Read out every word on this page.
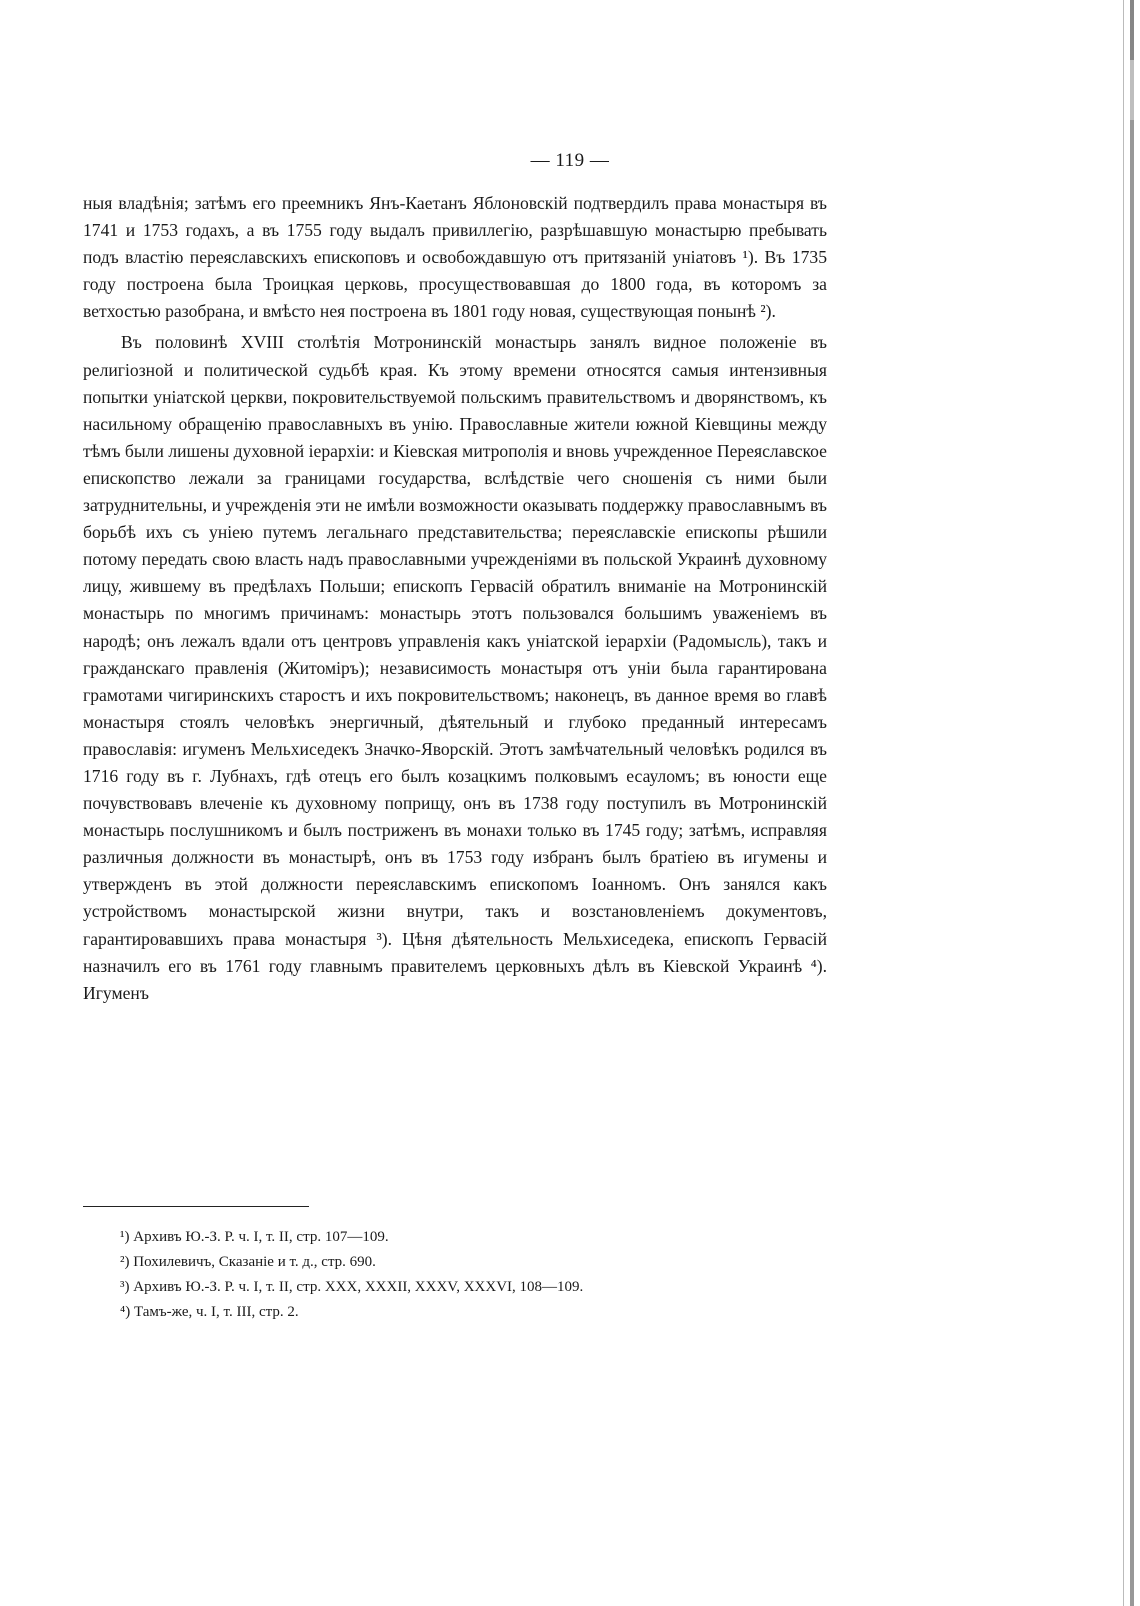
— 119 —

ныя владѣнія; затѣмъ его преемникъ Янъ-Каетанъ Яблоновскій подтвердилъ права монастыря въ 1741 и 1753 годахъ, а въ 1755 году выдалъ привиллегію, разрѣшавшую монастырю пребывать подъ властію переяславскихъ епископовъ и освобождавшую отъ притязаній уніатовъ ¹). Въ 1735 году построена была Троицкая церковь, просуществовавшая до 1800 года, въ которомъ за ветхостью разобрана, и вмѣсто нея построена въ 1801 году новая, существующая понынѣ ²).

Въ половинѣ XVIII столѣтія Мотронинскій монастырь занялъ видное положеніе въ религіозной и политической судьбѣ края. Къ этому времени относятся самыя интензивныя попытки уніатской церкви, покровительствуемой польскимъ правительствомъ и дворянствомъ, къ насильному обращенію православныхъ въ унію. Православные жители южной Кіевщины между тѣмъ были лишены духовной іерархіи: и Кіевская митрополія и вновь учрежденное Переяславское епископство лежали за границами государства, вслѣдствіе чего сношенія съ ними были затруднительны, и учрежденія эти не имѣли возможности оказывать поддержку православнымъ въ борьбѣ ихъ съ уніею путемъ легальнаго представительства; переяславскіе епископы рѣшили потому передать свою власть надъ православными учрежденіями въ польской Украинѣ духовному лицу, жившему въ предѣлахъ Польши; епископъ Гервасій обратилъ вниманіе на Мотронинскій монастырь по многимъ причинамъ: монастырь этотъ пользовался большимъ уваженіемъ въ народѣ; онъ лежалъ вдали отъ центровъ управленія какъ уніатской іерархіи (Радомысль), такъ и гражданскаго правленія (Житоміръ); независимость монастыря отъ уніи была гарантирована грамотами чигиринскихъ старостъ и ихъ покровительствомъ; наконецъ, въ данное время во главѣ монастыря стоялъ человѣкъ энергичный, дѣятельный и глубоко преданный интересамъ православія: игуменъ Мельхиседекъ Значко-Яворскій. Этотъ замѣчательный человѣкъ родился въ 1716 году въ г. Лубнахъ, гдѣ отецъ его былъ козацкимъ полковымъ есауломъ; въ юности еще почувствовавъ влеченіе къ духовному поприщу, онъ въ 1738 году поступилъ въ Мотронинскій монастырь послушникомъ и былъ постриженъ въ монахи только въ 1745 году; затѣмъ, исправляя различныя должности въ монастырѣ, онъ въ 1753 году избранъ былъ братіею въ игумены и утвержденъ въ этой должности переяславскимъ епископомъ Іоанномъ. Онъ занялся какъ устройствомъ монастырской жизни внутри, такъ и возстановленіемъ документовъ, гарантировавшихъ права монастыря ³). Цѣня дѣятельность Мельхиседека, епископъ Гервасій назначилъ его въ 1761 году главнымъ правителемъ церковныхъ дѣлъ въ Кіевской Украинѣ ⁴). Игуменъ

¹) Архивъ Ю.-З. Р. ч. I, т. II, стр. 107—109.

²) Похилевичъ, Сказаніе и т. д., стр. 690.

³) Архивъ Ю.-З. Р. ч. I, т. II, стр. XXX, XXXII, XXXV, XXXVI, 108—109.

⁴) Тамъ-же, ч. I, т. III, стр. 2.
